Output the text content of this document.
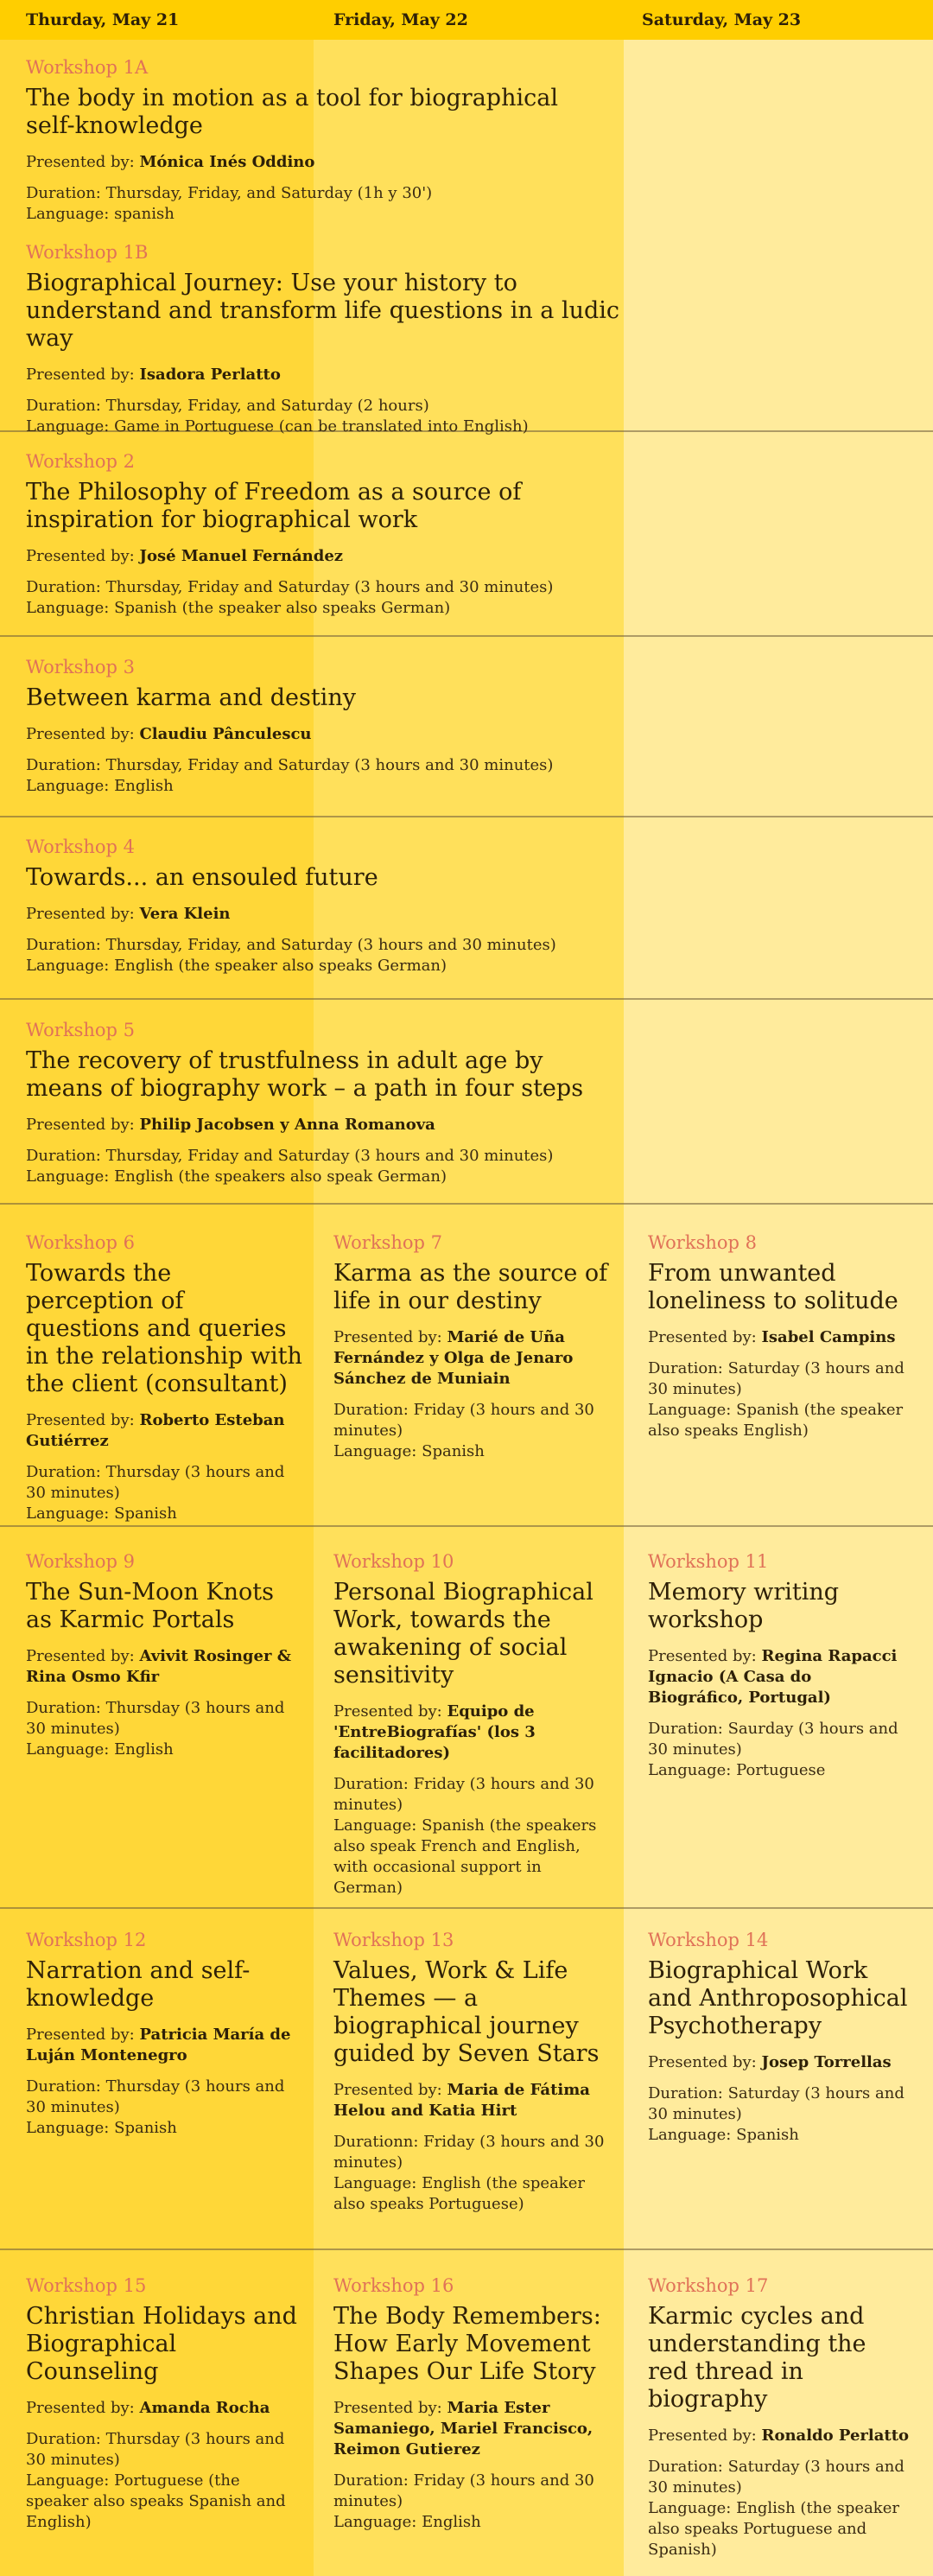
Thurday, May 21	Friday, May 22	Saturday, May 23
Workshop 1A
The body in motion as a tool for biographical self-knowledge
Presented by: Mónica Inés Oddino
Duration: Thursday, Friday, and Saturday (1h y 30')
Language: spanish
Workshop 1B
Biographical Journey: Use your history to understand and transform life questions in a ludic way
Presented by: Isadora Perlatto
Duration: Thursday, Friday, and Saturday (2 hours)
Language: Game in Portuguese (can be translated into English)
Workshop 2
The Philosophy of Freedom as a source of inspiration for biographical work
Presented by: José Manuel Fernández
Duration: Thursday, Friday and Saturday (3 hours and 30 minutes)
Language: Spanish (the speaker also speaks German)
Workshop 3
Between karma and destiny
Presented by: Claudiu Pânculescu
Duration: Thursday, Friday and Saturday (3 hours and 30 minutes)
Language: English
Workshop 4
Towards... an ensouled future
Presented by: Vera Klein
Duration: Thursday, Friday, and Saturday (3 hours and 30 minutes)
Language: English (the speaker also speaks German)
Workshop 5
The recovery of trustfulness in adult age by means of biography work – a path in four steps
Presented by: Philip Jacobsen y Anna Romanova
Duration: Thursday, Friday and Saturday (3 hours and 30 minutes)
Language: English (the speakers also speak German)
Workshop 6
Towards the perception of questions and queries in the relationship with the client (consultant)
Presented by: Roberto Esteban Gutiérrez
Duration: Thursday (3 hours and 30 minutes)
Language: Spanish
Workshop 7
Karma as the source of life in our destiny
Presented by: Marié de Uña Fernández y Olga de Jenaro Sánchez de Muniain
Duration: Friday (3 hours and 30 minutes)
Language: Spanish
Workshop 8
From unwanted loneliness to solitude
Presented by: Isabel Campins
Duration: Saturday (3 hours and 30 minutes)
Language: Spanish (the speaker also speaks English)
Workshop 9
The Sun-Moon Knots as Karmic Portals
Presented by: Avivit Rosinger & Rina Osmo Kfir
Duration: Thursday (3 hours and 30 minutes)
Language: English
Workshop 10
Personal Biographical Work, towards the awakening of social sensitivity
Presented by: Equipo de 'EntreBiografías' (los 3 facilitadores)
Duration: Friday (3 hours and 30 minutes)
Language: Spanish (the speakers also speak French and English, with occasional support in German)
Workshop 11
Memory writing workshop
Presented by: Regina Rapacci Ignacio (A Casa do Biográfico, Portugal)
Duration: Saurday (3 hours and 30 minutes)
Language: Portuguese
Workshop 12
Narration and self-knowledge
Presented by: Patricia María de Luján Montenegro
Duration: Thursday (3 hours and 30 minutes)
Language: Spanish
Workshop 13
Values, Work & Life Themes — a biographical journey guided by Seven Stars
Presented by: Maria de Fátima Helou and Katia Hirt
Durationn: Friday (3 hours and 30 minutes)
Language: English (the speaker also speaks Portuguese)
Workshop 14
Biographical Work and Anthroposophical Psychotherapy
Presented by: Josep Torrellas
Duration: Saturday (3 hours and 30 minutes)
Language: Spanish
Workshop 15
Christian Holidays and Biographical Counseling
Presented by: Amanda Rocha
Duration: Thursday (3 hours and 30 minutes)
Language: Portuguese (the speaker also speaks Spanish and English)
Workshop 16
The Body Remembers: How Early Movement Shapes Our Life Story
Presented by: Maria Ester Samaniego, Mariel Francisco, Reimon Gutierez
Duration: Friday (3 hours and 30 minutes)
Language: English
Workshop 17
Karmic cycles and understanding the red thread in biography
Presented by: Ronaldo Perlatto
Duration: Saturday (3 hours and 30 minutes)
Language: English (the speaker also speaks Portuguese and Spanish)
